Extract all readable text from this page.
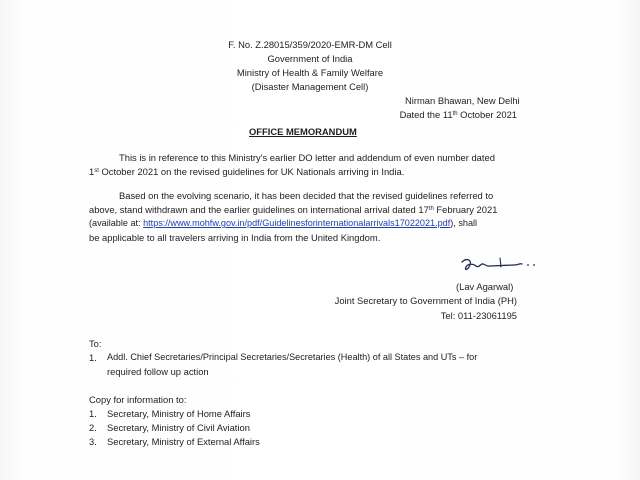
F. No. Z.28015/359/2020-EMR-DM Cell
Government of India
Ministry of Health & Family Welfare
(Disaster Management Cell)
Nirman Bhawan, New Delhi
Dated the 11th October 2021
OFFICE MEMORANDUM
This is in reference to this Ministry's earlier DO letter and addendum of even number dated
1st October 2021 on the revised guidelines for UK Nationals arriving in India.
Based on the evolving scenario, it has been decided that the revised guidelines referred to
above, stand withdrawn and the earlier guidelines on international arrival dated 17th February 2021
(available at: https://www.mohfw.gov.in/pdf/Guidelinesforinternationalarrivals17022021.pdf), shall
be applicable to all travelers arriving in India from the United Kingdom.
(Lav Agarwal)
Joint Secretary to Government of India (PH)
Tel: 011-23061195
To:
1. Addl. Chief Secretaries/Principal Secretaries/Secretaries (Health) of all States and UTs – for
required follow up action
Copy for information to:
1. Secretary, Ministry of Home Affairs
2. Secretary, Ministry of Civil Aviation
3. Secretary, Ministry of External Affairs
